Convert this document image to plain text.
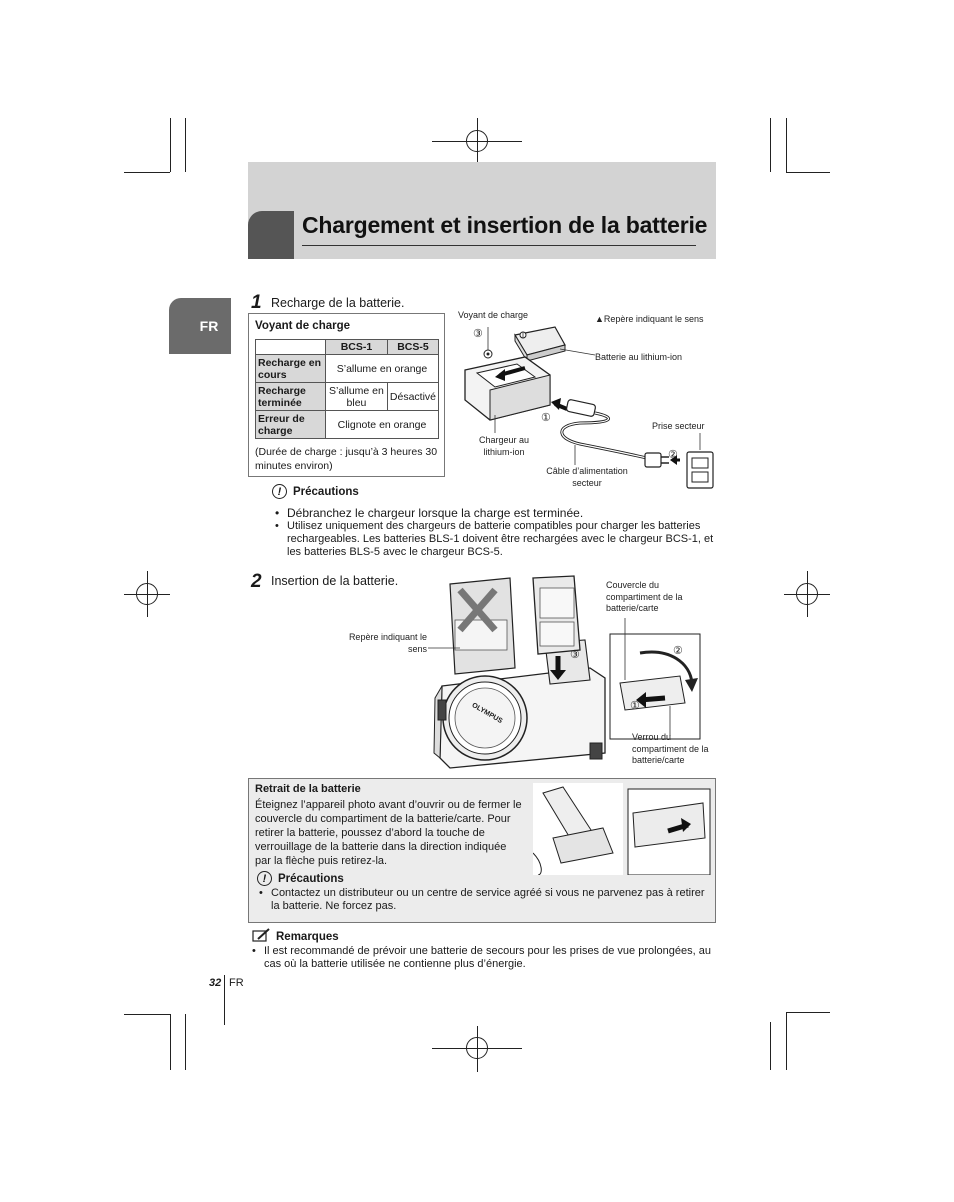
Chargement et insertion de la batterie
FR
1 Recharge de la batterie.
Voyant de charge
	BCS-1	BCS-5
Recharge en cours	S’allume en orange	
Recharge terminée	S’allume en bleu	Désactivé
Erreur de charge	Clignote en orange	
(Durée de charge : jusqu’à 3 heures 30 minutes environ)
Voyant de charge	▲Repère indiquant le sens
Batterie au lithium-ion
Chargeur au lithium-ion
Câble d’alimentation secteur
Prise secteur
③
①
②
!	Précautions
• Débranchez le chargeur lorsque la charge est terminée.
• Utilisez uniquement des chargeurs de batterie compatibles pour charger les batteries rechargeables. Les batteries BLS-1 doivent être rechargées avec le chargeur BCS-1, et les batteries BLS-5 avec le chargeur BCS-5.
2 Insertion de la batterie.
Repère indiquant le sens
Couvercle du compartiment de la batterie/carte
Verrou du compartiment de la batterie/carte
③	②
①
OLYMPUS
Retrait de la batterie
Éteignez l’appareil photo avant d’ouvrir ou de fermer le couvercle du compartiment de la batterie/carte. Pour retirer la batterie, poussez d’abord la touche de verrouillage de la batterie dans la direction indiquée par la flèche puis retirez-la.
!	Précautions
• Contactez un distributeur ou un centre de service agréé si vous ne parvenez pas à retirer la batterie. Ne forcez pas.
Remarques
• Il est recommandé de prévoir une batterie de secours pour les prises de vue prolongées, au cas où la batterie utilisée ne contienne plus d’énergie.
32 FR
